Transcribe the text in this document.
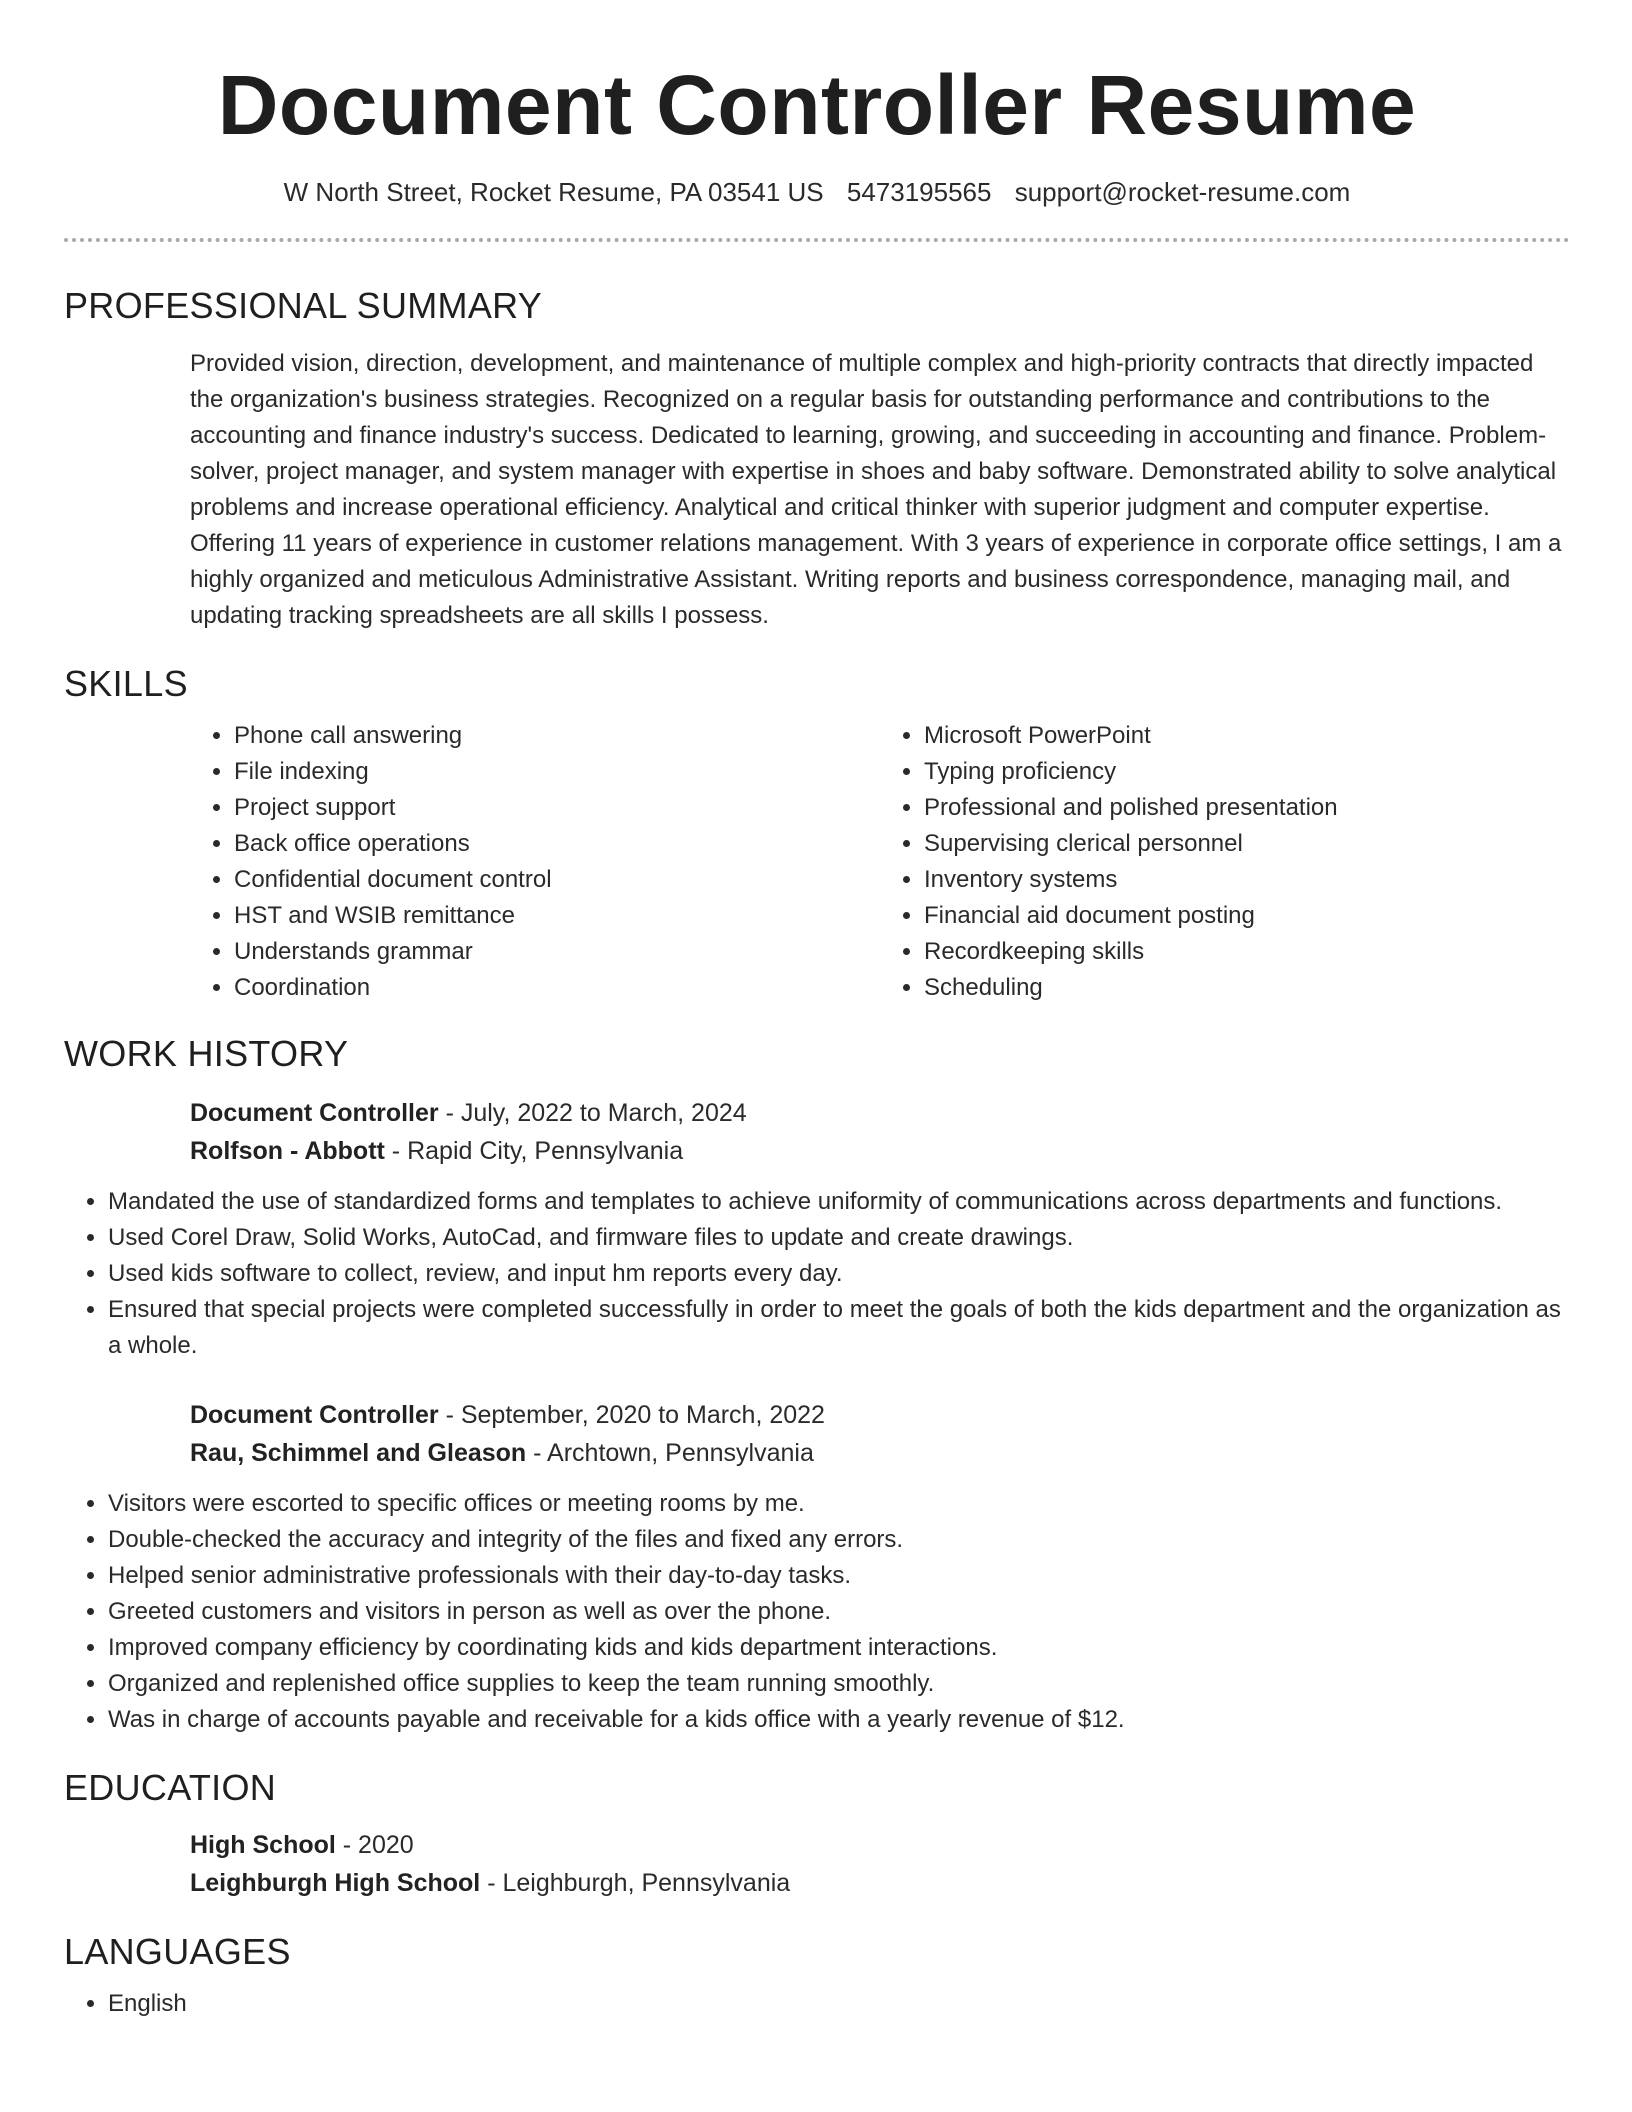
Document Controller Resume
W North Street, Rocket Resume, PA 03541 US 5473195565 support@rocket-resume.com
PROFESSIONAL SUMMARY
Provided vision, direction, development, and maintenance of multiple complex and high-priority contracts that directly impacted the organization's business strategies. Recognized on a regular basis for outstanding performance and contributions to the accounting and finance industry's success. Dedicated to learning, growing, and succeeding in accounting and finance. Problem-solver, project manager, and system manager with expertise in shoes and baby software. Demonstrated ability to solve analytical problems and increase operational efficiency. Analytical and critical thinker with superior judgment and computer expertise. Offering 11 years of experience in customer relations management. With 3 years of experience in corporate office settings, I am a highly organized and meticulous Administrative Assistant. Writing reports and business correspondence, managing mail, and updating tracking spreadsheets are all skills I possess.
SKILLS
• Phone call answering
• File indexing
• Project support
• Back office operations
• Confidential document control
• HST and WSIB remittance
• Understands grammar
• Coordination
• Microsoft PowerPoint
• Typing proficiency
• Professional and polished presentation
• Supervising clerical personnel
• Inventory systems
• Financial aid document posting
• Recordkeeping skills
• Scheduling
WORK HISTORY
Document Controller - July, 2022 to March, 2024
Rolfson - Abbott - Rapid City, Pennsylvania
• Mandated the use of standardized forms and templates to achieve uniformity of communications across departments and functions.
• Used Corel Draw, Solid Works, AutoCad, and firmware files to update and create drawings.
• Used kids software to collect, review, and input hm reports every day.
• Ensured that special projects were completed successfully in order to meet the goals of both the kids department and the organization as a whole.
Document Controller - September, 2020 to March, 2022
Rau, Schimmel and Gleason - Archtown, Pennsylvania
• Visitors were escorted to specific offices or meeting rooms by me.
• Double-checked the accuracy and integrity of the files and fixed any errors.
• Helped senior administrative professionals with their day-to-day tasks.
• Greeted customers and visitors in person as well as over the phone.
• Improved company efficiency by coordinating kids and kids department interactions.
• Organized and replenished office supplies to keep the team running smoothly.
• Was in charge of accounts payable and receivable for a kids office with a yearly revenue of $12.
EDUCATION
High School - 2020
Leighburgh High School - Leighburgh, Pennsylvania
LANGUAGES
• English
